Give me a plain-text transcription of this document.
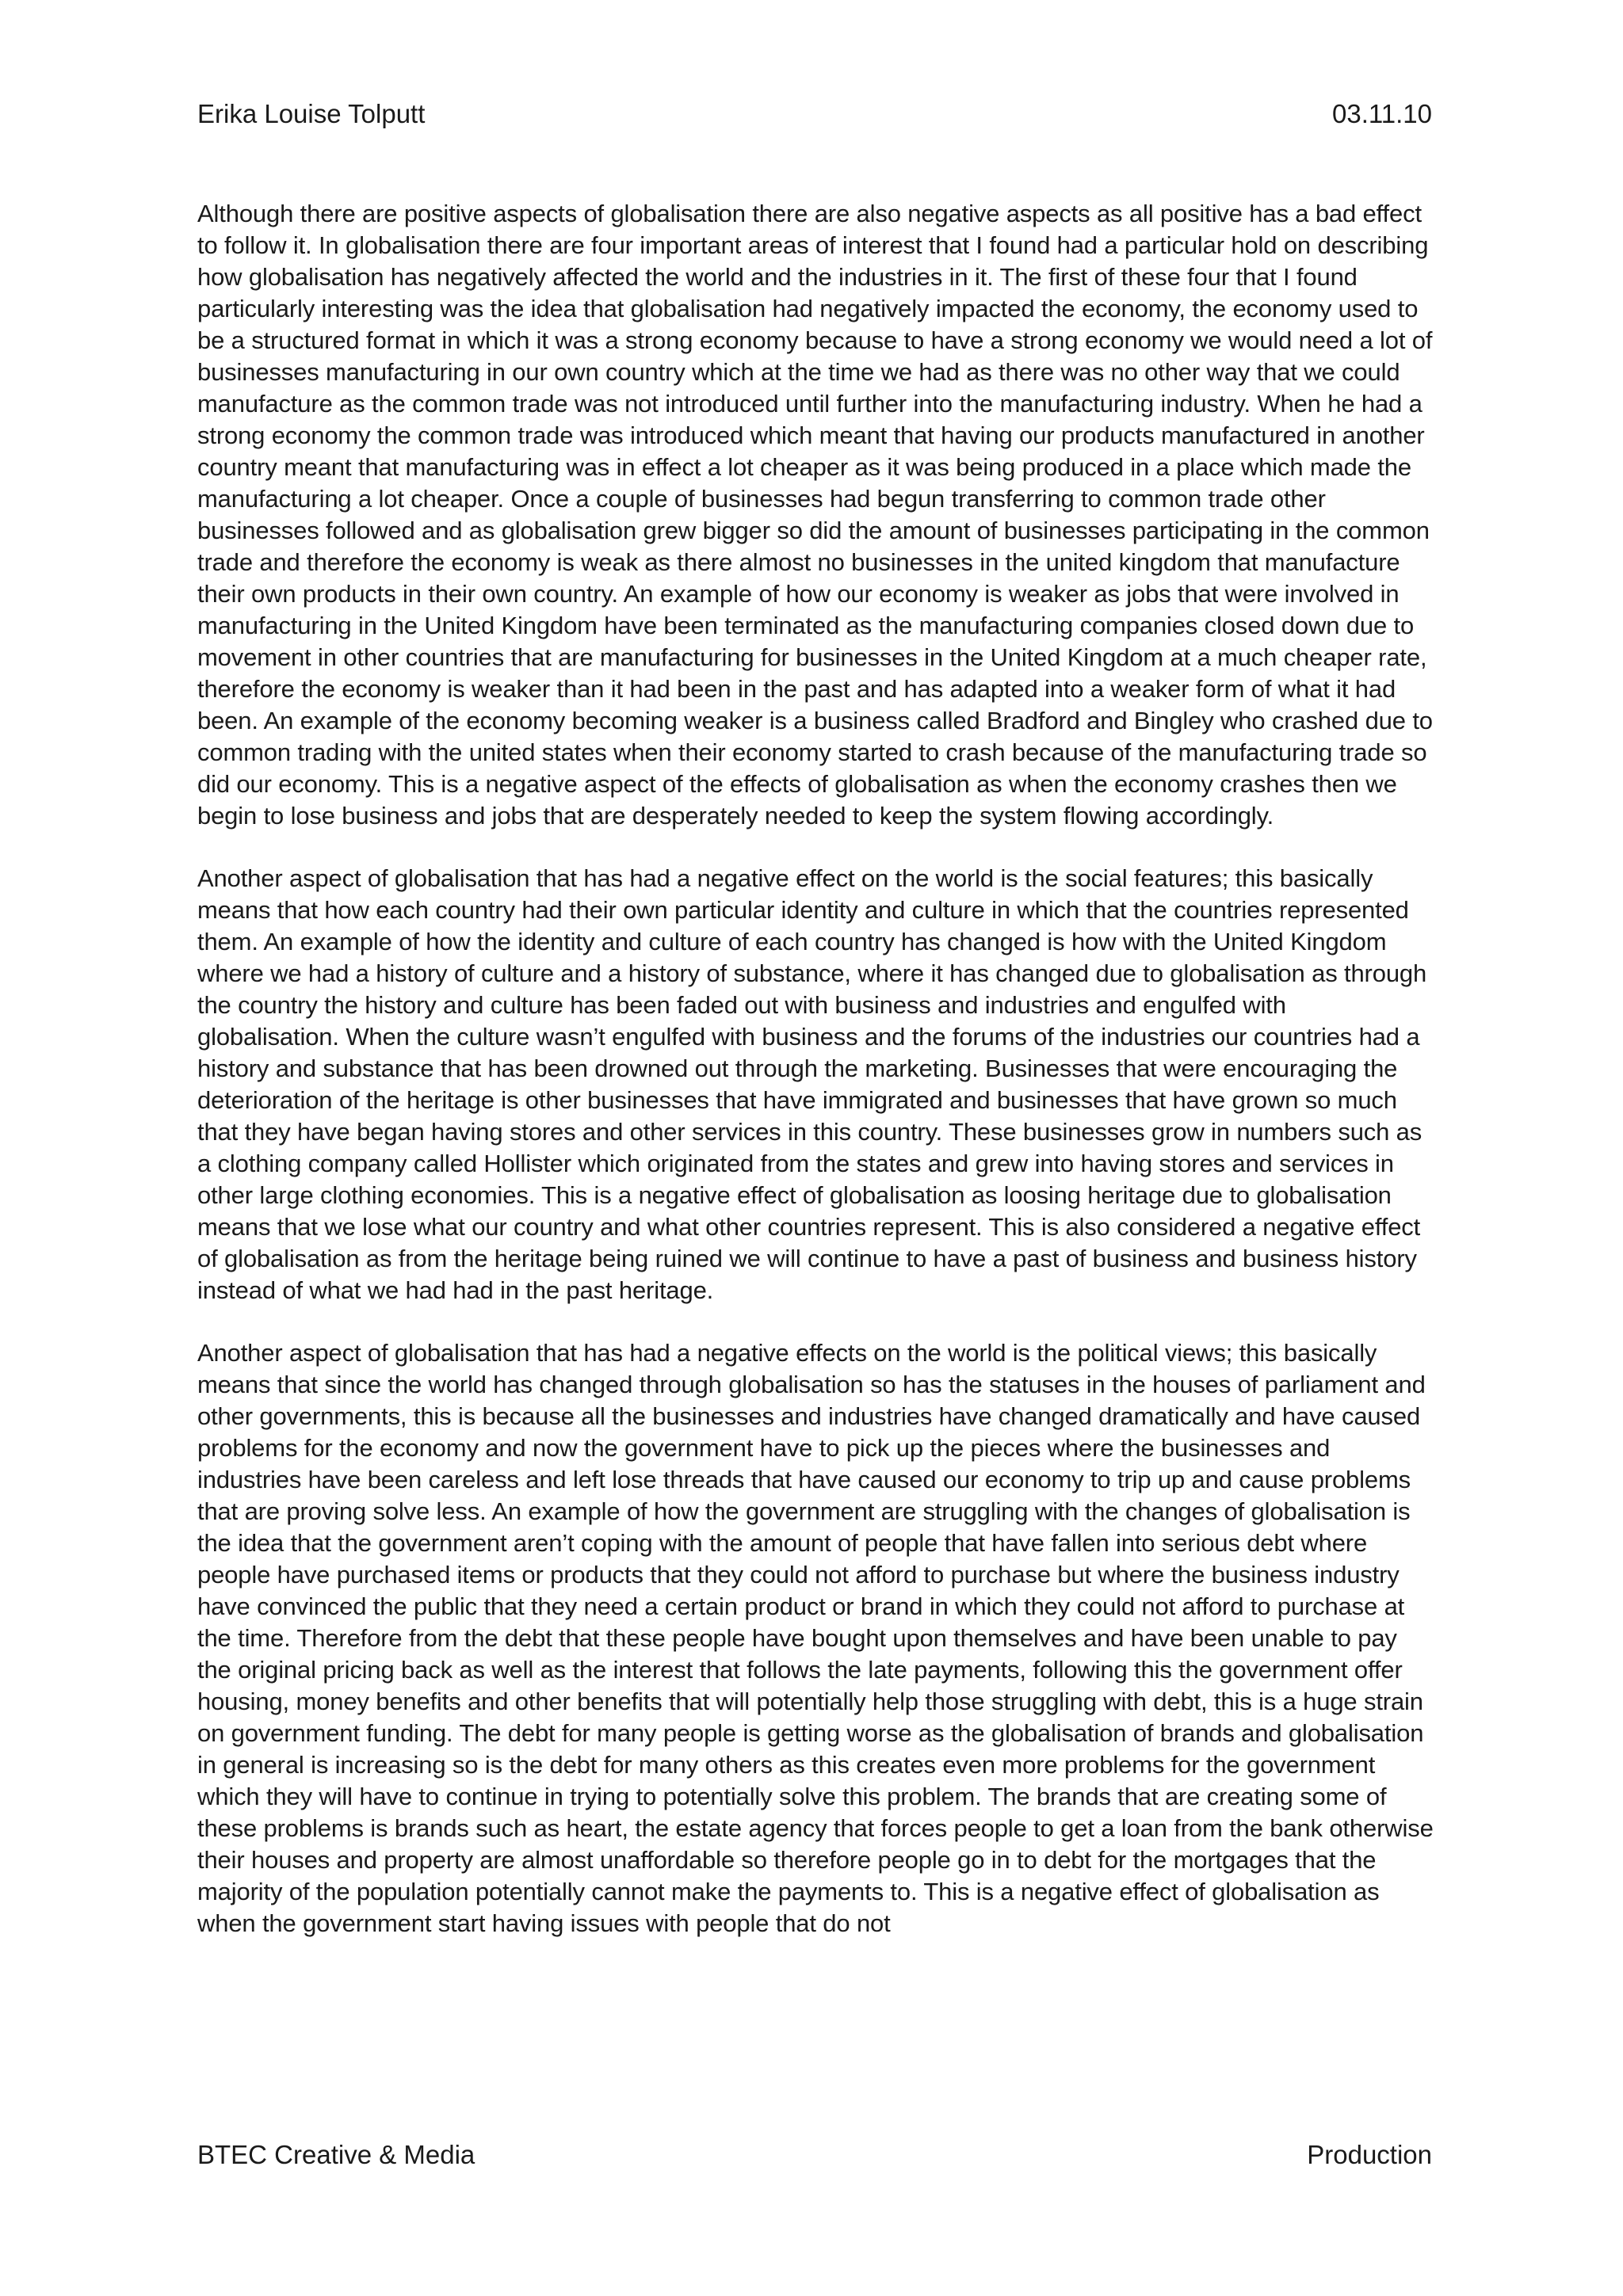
Erika Louise Tolputt	03.11.10

Although there are positive aspects of globalisation there are also negative aspects as all positive has a bad effect to follow it. In globalisation there are four important areas of interest that I found had a particular hold on describing how globalisation has negatively affected the world and the industries in it. The first of these four that I found particularly interesting was the idea that globalisation had negatively impacted the economy, the economy used to be a structured format in which it was a strong economy because to have a strong economy we would need a lot of businesses manufacturing in our own country which at the time we had as there was no other way that we could manufacture as the common trade was not introduced until further into the manufacturing industry. When he had a strong economy the common trade was introduced which meant that having our products manufactured in another country meant that manufacturing was in effect a lot cheaper as it was being produced in a place which made the manufacturing a lot cheaper. Once a couple of businesses had begun transferring to common trade other businesses followed and as globalisation grew bigger so did the amount of businesses participating in the common trade and therefore the economy is weak as there almost no businesses in the united kingdom that manufacture their own products in their own country. An example of how our economy is weaker as jobs that were involved in manufacturing in the United Kingdom have been terminated as the manufacturing companies closed down due to movement in other countries that are manufacturing for businesses in the United Kingdom at a much cheaper rate, therefore the economy is weaker than it had been in the past and has adapted into a weaker form of what it had been. An example of the economy becoming weaker is a business called Bradford and Bingley who crashed due to common trading with the united states when their economy started to crash because of the manufacturing trade so did our economy. This is a negative aspect of the effects of globalisation as when the economy crashes then we begin to lose business and jobs that are desperately needed to keep the system flowing accordingly.

Another aspect of globalisation that has had a negative effect on the world is the social features; this basically means that how each country had their own particular identity and culture in which that the countries represented them. An example of how the identity and culture of each country has changed is how with the United Kingdom where we had a history of culture and a history of substance, where it has changed due to globalisation as through the country the history and culture has been faded out with business and industries and engulfed with globalisation. When the culture wasn’t engulfed with business and the forums of the industries our countries had a history and substance that has been drowned out through the marketing. Businesses that were encouraging the deterioration of the heritage is other businesses that have immigrated and businesses that have grown so much that they have began having stores and other services in this country. These businesses grow in numbers such as a clothing company called Hollister which originated from the states and grew into having stores and services in other large clothing economies. This is a negative effect of globalisation as loosing heritage due to globalisation means that we lose what our country and what other countries represent. This is also considered a negative effect of globalisation as from the heritage being ruined we will continue to have a past of business and business history instead of what we had had in the past heritage.

Another aspect of globalisation that has had a negative effects on the world is the political views; this basically means that since the world has changed through globalisation so has the statuses in the houses of parliament and other governments, this is because all the businesses and industries have changed dramatically and have caused problems for the economy and now the government have to pick up the pieces where the businesses and industries have been careless and left lose threads that have caused our economy to trip up and cause problems that are proving solve less. An example of how the government are struggling with the changes of globalisation is the idea that the government aren’t coping with the amount of people that have fallen into serious debt where people have purchased items or products that they could not afford to purchase but where the business industry have convinced the public that they need a certain product or brand in which they could not afford to purchase at the time. Therefore from the debt that these people have bought upon themselves and have been unable to pay the original pricing back as well as the interest that follows the late payments, following this the government offer housing, money benefits and other benefits that will potentially help those struggling with debt, this is a huge strain on government funding. The debt for many people is getting worse as the globalisation of brands and globalisation in general is increasing so is the debt for many others as this creates even more problems for the government which they will have to continue in trying to potentially solve this problem. The brands that are creating some of these problems is brands such as heart, the estate agency that forces people to get a loan from the bank otherwise their houses and property are almost unaffordable so therefore people go in to debt for the mortgages that the majority of the population potentially cannot make the payments to. This is a negative effect of globalisation as when the government start having issues with people that do not

BTEC Creative & Media	Production
